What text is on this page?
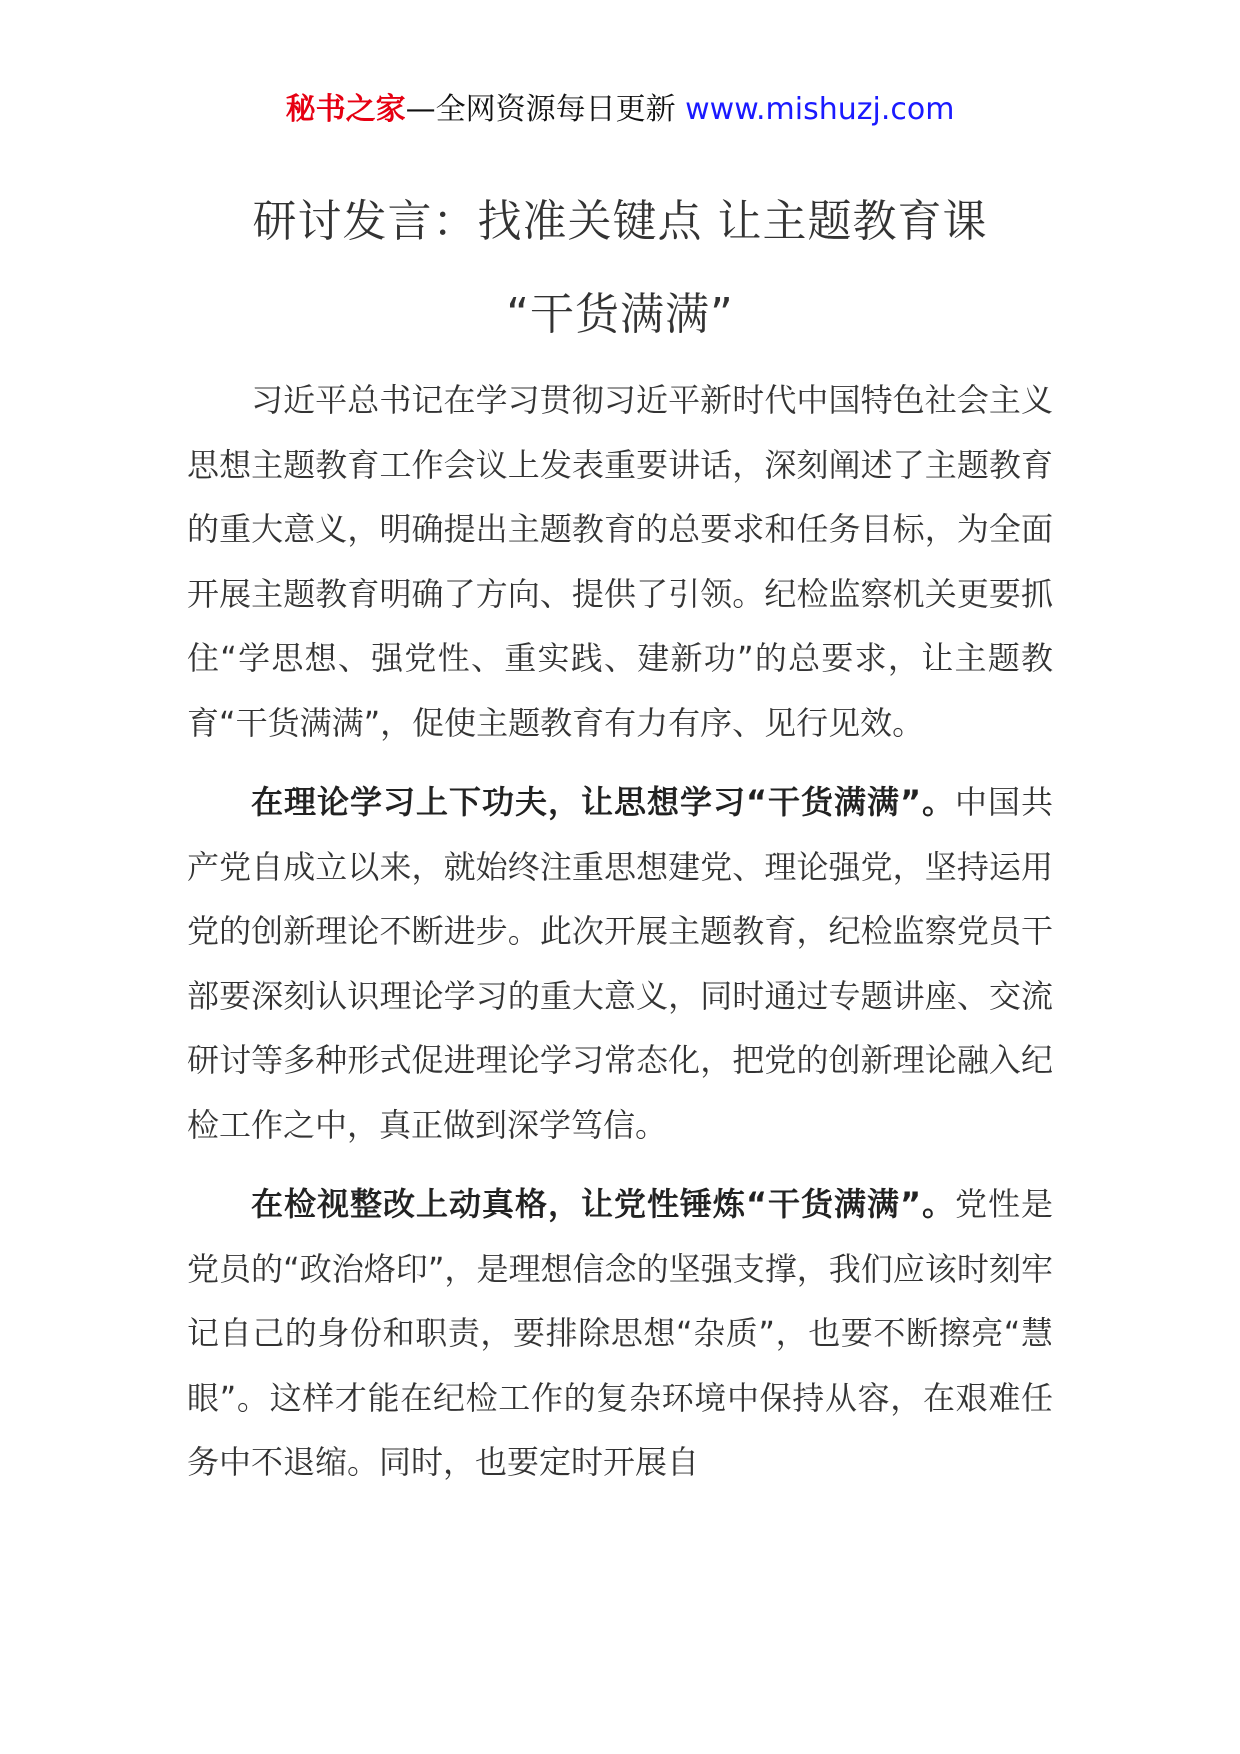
秘书之家—全网资源每日更新 www.mishuzj.com
研讨发言：找准关键点 让主题教育课
“干货满满”

习近平总书记在学习贯彻习近平新时代中国特色社会主义思想主题教育工作会议上发表重要讲话，深刻阐述了主题教育的重大意义，明确提出主题教育的总要求和任务目标，为全面开展主题教育明确了方向、提供了引领。纪检监察机关更要抓住“学思想、强党性、重实践、建新功”的总要求，让主题教育“干货满满”，促使主题教育有力有序、见行见效。

在理论学习上下功夫，让思想学习“干货满满”。中国共产党自成立以来，就始终注重思想建党、理论强党，坚持运用党的创新理论不断进步。此次开展主题教育，纪检监察党员干部要深刻认识理论学习的重大意义，同时通过专题讲座、交流研讨等多种形式促进理论学习常态化，把党的创新理论融入纪检工作之中，真正做到深学笃信。

在检视整改上动真格，让党性锤炼“干货满满”。党性是党员的“政治烙印”，是理想信念的坚强支撑，我们应该时刻牢记自己的身份和职责，要排除思想“杂质”，也要不断擦亮“慧眼”。这样才能在纪检工作的复杂环境中保持从容，在艰难任务中不退缩。同时，也要定时开展自
